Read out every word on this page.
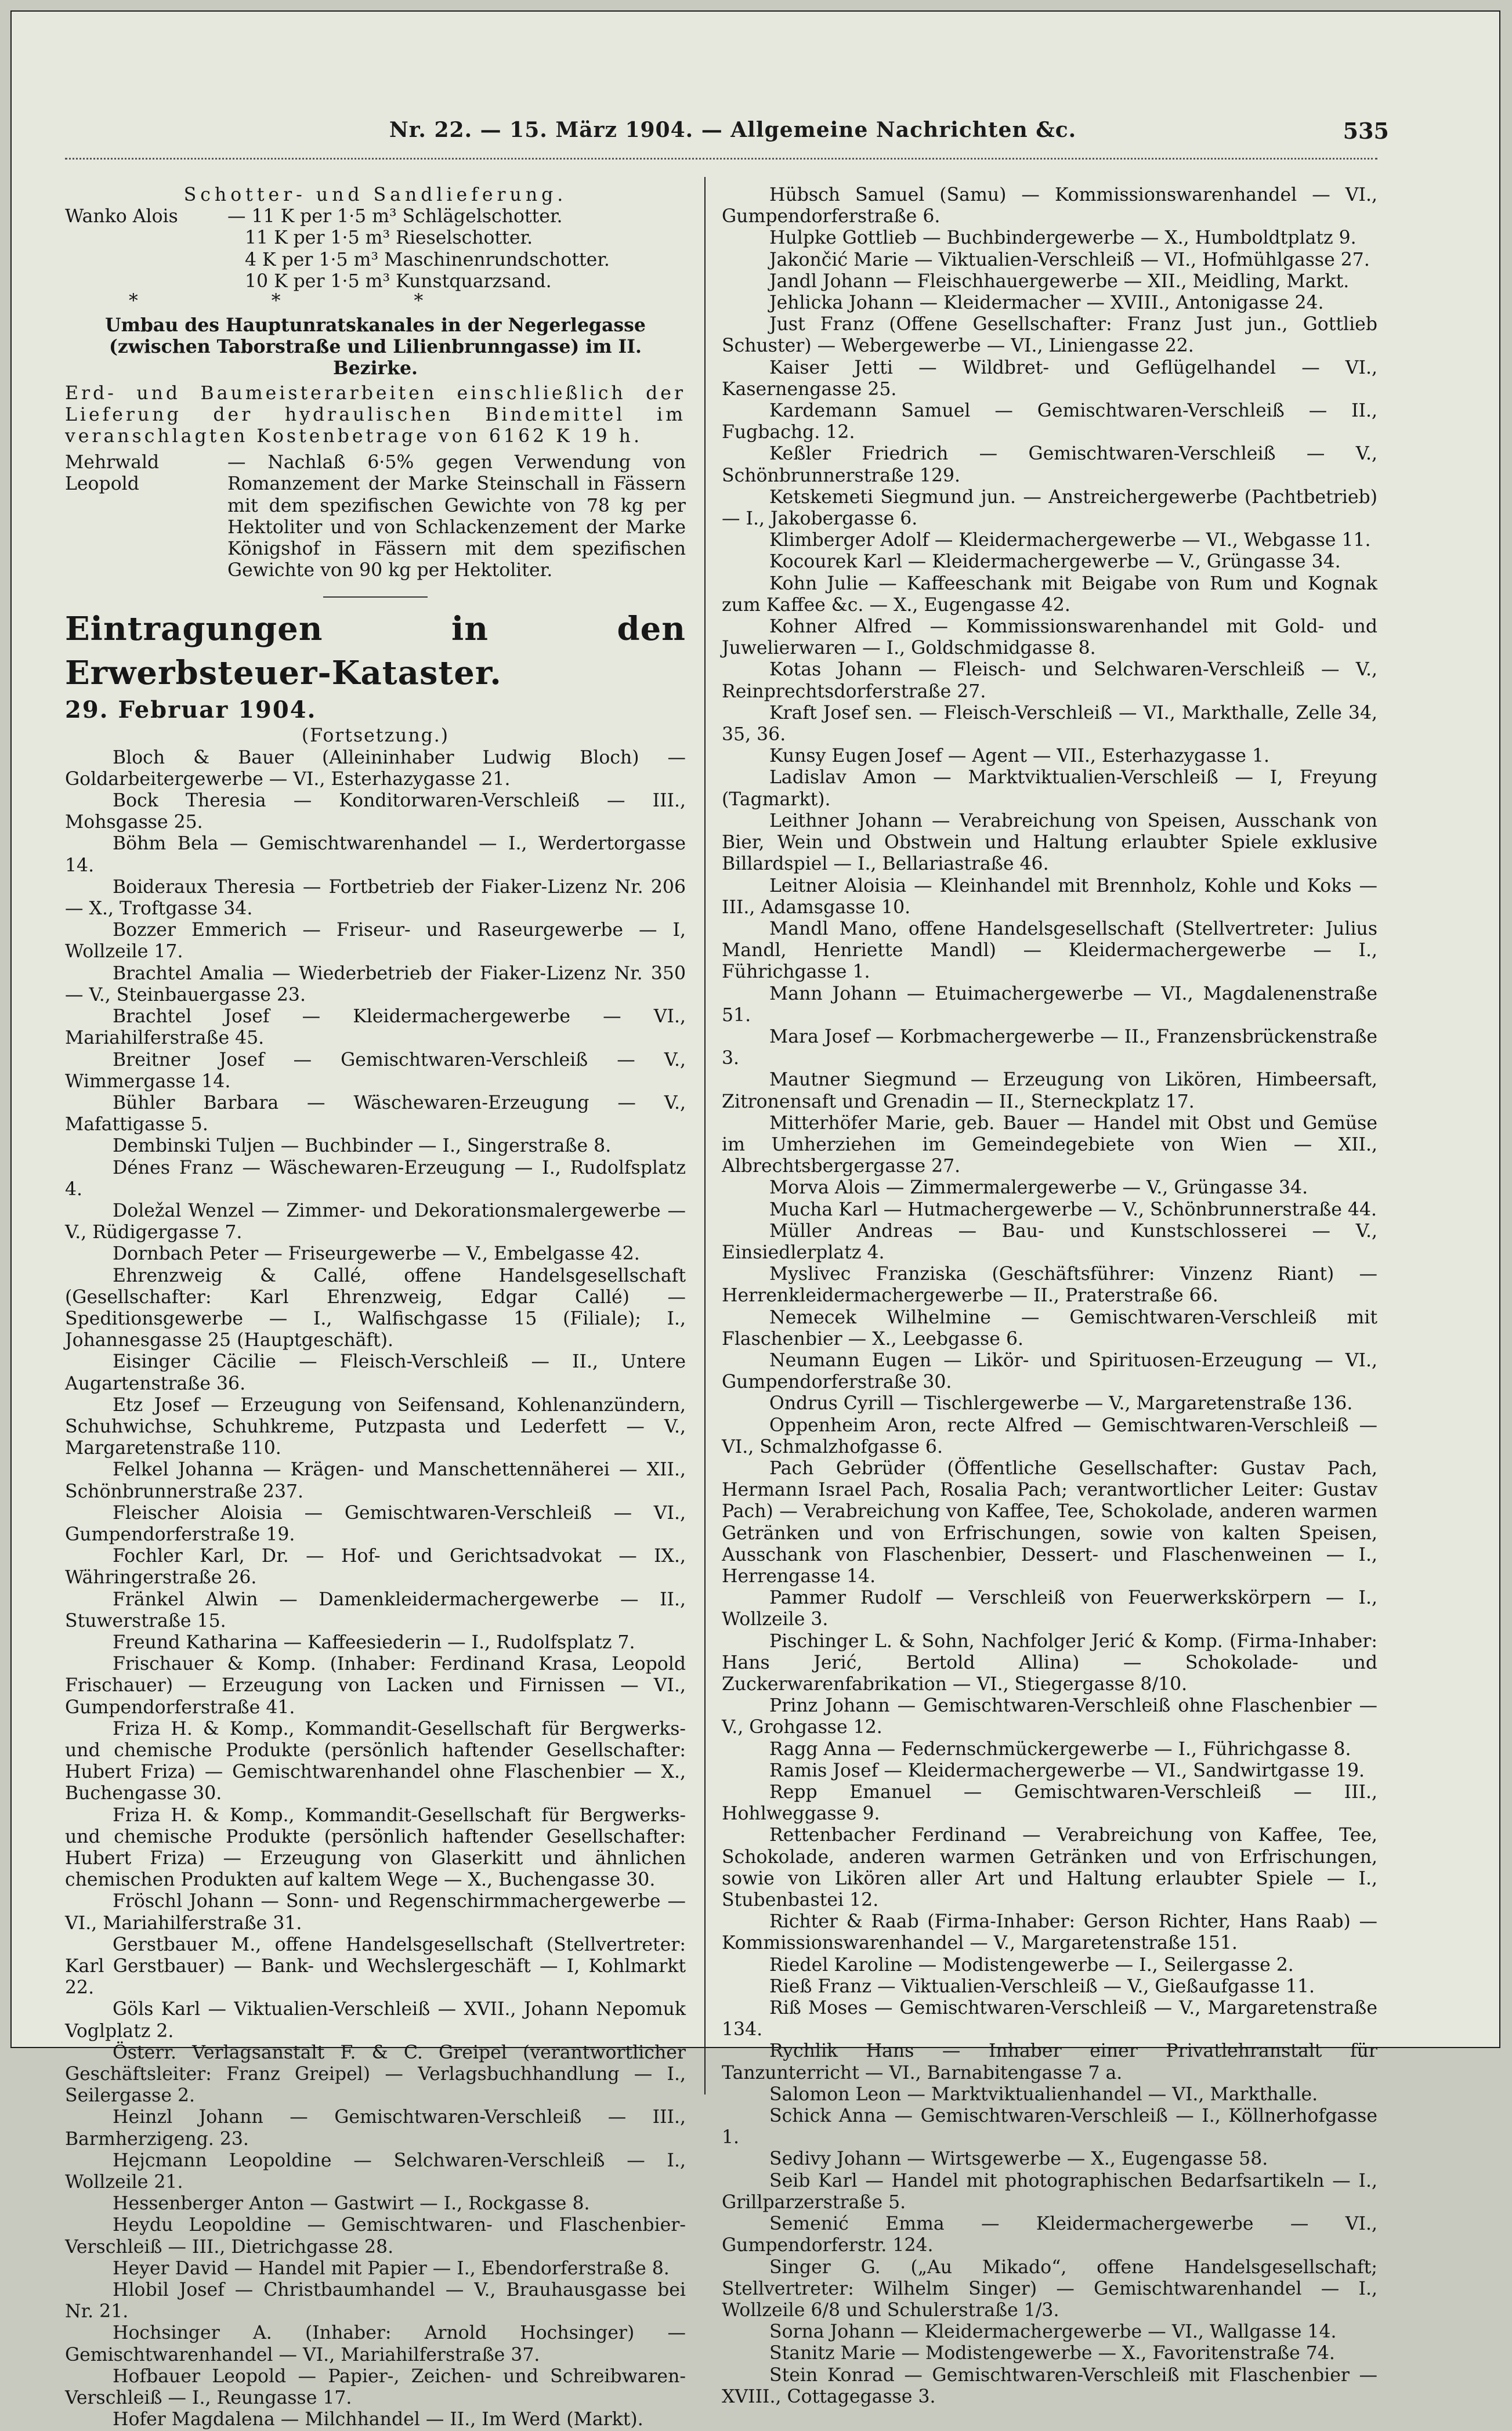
Nr. 22. — 15. März 1904. — Allgemeine Nachrichten &c.	535

Schotter- und Sandlieferung.

Wanko Alois	— 11 K per 1·5 m³ Schlägelschotter.
11 K per 1·5 m³ Rieselschotter.
4 K per 1·5 m³ Maschinenrundschotter.
10 K per 1·5 m³ Kunstquarzsand.

* * *

Umbau des Hauptunratskanales in der Negerlegasse (zwischen Taborstraße und Lilienbrunngasse) im II. Bezirke.

Erd- und Baumeisterarbeiten einschließlich der Lieferung der hydraulischen Bindemittel im veranschlagten Kostenbetrage von 6162 K 19 h.

Mehrwald Leopold

— Nachlaß 6·5% gegen Verwendung von Romanzement der Marke Steinschall in Fässern mit dem spezifischen Gewichte von 78 kg per Hektoliter und von Schlackenzement der Marke Königshof in Fässern mit dem spezifischen Gewichte von 90 kg per Hektoliter.

Eintragungen in den Erwerbsteuer-Kataster.

29. Februar 1904.

(Fortsetzung.)

Bloch & Bauer (Alleininhaber Ludwig Bloch) — Goldarbeitergewerbe — VI., Esterhazygasse 21.

Bock Theresia — Konditorwaren-Verschleiß — III., Mohsgasse 25.

Böhm Bela — Gemischtwarenhandel — I., Werdertorgasse 14.

Boideraux Theresia — Fortbetrieb der Fiaker-Lizenz Nr. 206 — X., Troftgasse 34.

Bozzer Emmerich — Friseur- und Raseurgewerbe — I, Wollzeile 17.

Brachtel Amalia — Wiederbetrieb der Fiaker-Lizenz Nr. 350 — V., Steinbauergasse 23.

Brachtel Josef — Kleidermachergewerbe — VI., Mariahilferstraße 45.

Breitner Josef — Gemischtwaren-Verschleiß — V., Wimmergasse 14.

Bühler Barbara — Wäschewaren-Erzeugung — V., Mafattigasse 5.

Dembinski Tuljen — Buchbinder — I., Singerstraße 8.

Dénes Franz — Wäschewaren-Erzeugung — I., Rudolfsplatz 4.

Doležal Wenzel — Zimmer- und Dekorationsmalergewerbe — V., Rüdigergasse 7.

Dornbach Peter — Friseurgewerbe — V., Embelgasse 42.

Ehrenzweig & Callé, offene Handelsgesellschaft (Gesellschafter: Karl Ehrenzweig, Edgar Callé) — Speditionsgewerbe — I., Walfischgasse 15 (Filiale); I., Johannesgasse 25 (Hauptgeschäft).

Eisinger Cäcilie — Fleisch-Verschleiß — II., Untere Augartenstraße 36.

Etz Josef — Erzeugung von Seifensand, Kohlenanzündern, Schuhwichse, Schuhkreme, Putzpasta und Lederfett — V., Margaretenstraße 110.

Felkel Johanna — Krägen- und Manschettennäherei — XII., Schönbrunnerstraße 237.

Fleischer Aloisia — Gemischtwaren-Verschleiß — VI., Gumpendorferstraße 19.

Fochler Karl, Dr. — Hof- und Gerichtsadvokat — IX., Währingerstraße 26.

Fränkel Alwin — Damenkleidermachergewerbe — II., Stuwerstraße 15.

Freund Katharina — Kaffeesiederin — I., Rudolfsplatz 7.

Frischauer & Komp. (Inhaber: Ferdinand Krasa, Leopold Frischauer) — Erzeugung von Lacken und Firnissen — VI., Gumpendorferstraße 41.

Friza H. & Komp., Kommandit-Gesellschaft für Bergwerks- und chemische Produkte (persönlich haftender Gesellschafter: Hubert Friza) — Gemischtwarenhandel ohne Flaschenbier — X., Buchengasse 30.

Friza H. & Komp., Kommandit-Gesellschaft für Bergwerks- und chemische Produkte (persönlich haftender Gesellschafter: Hubert Friza) — Erzeugung von Glaserkitt und ähnlichen chemischen Produkten auf kaltem Wege — X., Buchengasse 30.

Fröschl Johann — Sonn- und Regenschirmmachergewerbe — VI., Mariahilferstraße 31.

Gerstbauer M., offene Handelsgesellschaft (Stellvertreter: Karl Gerstbauer) — Bank- und Wechslergeschäft — I, Kohlmarkt 22.

Göls Karl — Viktualien-Verschleiß — XVII., Johann Nepomuk Voglplatz 2.

Österr. Verlagsanstalt F. & C. Greipel (verantwortlicher Geschäftsleiter: Franz Greipel) — Verlagsbuchhandlung — I., Seilergasse 2.

Heinzl Johann — Gemischtwaren-Verschleiß — III., Barmherzigeng. 23.

Hejcmann Leopoldine — Selchwaren-Verschleiß — I., Wollzeile 21.

Hessenberger Anton — Gastwirt — I., Rockgasse 8.

Heydu Leopoldine — Gemischtwaren- und Flaschenbier-Verschleiß — III., Dietrichgasse 28.

Heyer David — Handel mit Papier — I., Ebendorferstraße 8.

Hlobil Josef — Christbaumhandel — V., Brauhausgasse bei Nr. 21.

Hochsinger A. (Inhaber: Arnold Hochsinger) — Gemischtwarenhandel — VI., Mariahilferstraße 37.

Hofbauer Leopold — Papier-, Zeichen- und Schreibwaren-Verschleiß — I., Reungasse 17.

Hofer Magdalena — Milchhandel — II., Im Werd (Markt).

Hübsch Samuel (Samu) — Kommissionswarenhandel — VI., Gumpendorferstraße 6.

Hulpke Gottlieb — Buchbindergewerbe — X., Humboldtplatz 9.

Jakončić Marie — Viktualien-Verschleiß — VI., Hofmühlgasse 27.

Jandl Johann — Fleischhauergewerbe — XII., Meidling, Markt.

Jehlicka Johann — Kleidermacher — XVIII., Antonigasse 24.

Just Franz (Offene Gesellschafter: Franz Just jun., Gottlieb Schuster) — Webergewerbe — VI., Liniengasse 22.

Kaiser Jetti — Wildbret- und Geflügelhandel — VI., Kasernengasse 25.

Kardemann Samuel — Gemischtwaren-Verschleiß — II., Fugbachg. 12.

Keßler Friedrich — Gemischtwaren-Verschleiß — V., Schönbrunnerstraße 129.

Ketskemeti Siegmund jun. — Anstreichergewerbe (Pachtbetrieb) — I., Jakobergasse 6.

Klimberger Adolf — Kleidermachergewerbe — VI., Webgasse 11.

Kocourek Karl — Kleidermachergewerbe — V., Grüngasse 34.

Kohn Julie — Kaffeeschank mit Beigabe von Rum und Kognak zum Kaffee &c. — X., Eugengasse 42.

Kohner Alfred — Kommissionswarenhandel mit Gold- und Juwelierwaren — I., Goldschmidgasse 8.

Kotas Johann — Fleisch- und Selchwaren-Verschleiß — V., Reinprechtsdorferstraße 27.

Kraft Josef sen. — Fleisch-Verschleiß — VI., Markthalle, Zelle 34, 35, 36.

Kunsy Eugen Josef — Agent — VII., Esterhazygasse 1.

Ladislav Amon — Marktviktualien-Verschleiß — I, Freyung (Tagmarkt).

Leithner Johann — Verabreichung von Speisen, Ausschank von Bier, Wein und Obstwein und Haltung erlaubter Spiele exklusive Billardspiel — I., Bellariastraße 46.

Leitner Aloisia — Kleinhandel mit Brennholz, Kohle und Koks — III., Adamsgasse 10.

Mandl Mano, offene Handelsgesellschaft (Stellvertreter: Julius Mandl, Henriette Mandl) — Kleidermachergewerbe — I., Führichgasse 1.

Mann Johann — Etuimachergewerbe — VI., Magdalenenstraße 51.

Mara Josef — Korbmachergewerbe — II., Franzensbrückenstraße 3.

Mautner Siegmund — Erzeugung von Likören, Himbeersaft, Zitronensaft und Grenadin — II., Sterneckplatz 17.

Mitterhöfer Marie, geb. Bauer — Handel mit Obst und Gemüse im Umherziehen im Gemeindegebiete von Wien — XII., Albrechtsbergergasse 27.

Morva Alois — Zimmermalergewerbe — V., Grüngasse 34.

Mucha Karl — Hutmachergewerbe — V., Schönbrunnerstraße 44.

Müller Andreas — Bau- und Kunstschlosserei — V., Einsiedlerplatz 4.

Myslivec Franziska (Geschäftsführer: Vinzenz Riant) — Herrenkleidermachergewerbe — II., Praterstraße 66.

Nemecek Wilhelmine — Gemischtwaren-Verschleiß mit Flaschenbier — X., Leebgasse 6.

Neumann Eugen — Likör- und Spirituosen-Erzeugung — VI., Gumpendorferstraße 30.

Ondrus Cyrill — Tischlergewerbe — V., Margaretenstraße 136.

Oppenheim Aron, recte Alfred — Gemischtwaren-Verschleiß — VI., Schmalzhofgasse 6.

Pach Gebrüder (Öffentliche Gesellschafter: Gustav Pach, Hermann Israel Pach, Rosalia Pach; verantwortlicher Leiter: Gustav Pach) — Verabreichung von Kaffee, Tee, Schokolade, anderen warmen Getränken und von Erfrischungen, sowie von kalten Speisen, Ausschank von Flaschenbier, Dessert- und Flaschenweinen — I., Herrengasse 14.

Pammer Rudolf — Verschleiß von Feuerwerkskörpern — I., Wollzeile 3.

Pischinger L. & Sohn, Nachfolger Jerić & Komp. (Firma-Inhaber: Hans Jerić, Bertold Allina) — Schokolade- und Zuckerwarenfabrikation — VI., Stiegergasse 8/10.

Prinz Johann — Gemischtwaren-Verschleiß ohne Flaschenbier — V., Grohgasse 12.

Ragg Anna — Federnschmückergewerbe — I., Führichgasse 8.

Ramis Josef — Kleidermachergewerbe — VI., Sandwirtgasse 19.

Repp Emanuel — Gemischtwaren-Verschleiß — III., Hohlweggasse 9.

Rettenbacher Ferdinand — Verabreichung von Kaffee, Tee, Schokolade, anderen warmen Getränken und von Erfrischungen, sowie von Likören aller Art und Haltung erlaubter Spiele — I., Stubenbastei 12.

Richter & Raab (Firma-Inhaber: Gerson Richter, Hans Raab) — Kommissionswarenhandel — V., Margaretenstraße 151.

Riedel Karoline — Modistengewerbe — I., Seilergasse 2.

Rieß Franz — Viktualien-Verschleiß — V., Gießaufgasse 11.

Riß Moses — Gemischtwaren-Verschleiß — V., Margaretenstraße 134.

Rychlik Hans — Inhaber einer Privatlehranstalt für Tanzunterricht — VI., Barnabitengasse 7 a.

Salomon Leon — Marktviktualienhandel — VI., Markthalle.

Schick Anna — Gemischtwaren-Verschleiß — I., Köllnerhofgasse 1.

Sedivy Johann — Wirtsgewerbe — X., Eugengasse 58.

Seib Karl — Handel mit photographischen Bedarfsartikeln — I., Grillparzerstraße 5.

Semenić Emma — Kleidermachergewerbe — VI., Gumpendorferstr. 124.

Singer G. („Au Mikado“, offene Handelsgesellschaft; Stellvertreter: Wilhelm Singer) — Gemischtwarenhandel — I., Wollzeile 6/8 und Schulerstraße 1/3.

Sorna Johann — Kleidermachergewerbe — VI., Wallgasse 14.

Stanitz Marie — Modistengewerbe — X., Favoritenstraße 74.

Stein Konrad — Gemischtwaren-Verschleiß mit Flaschenbier — XVIII., Cottagegasse 3.
